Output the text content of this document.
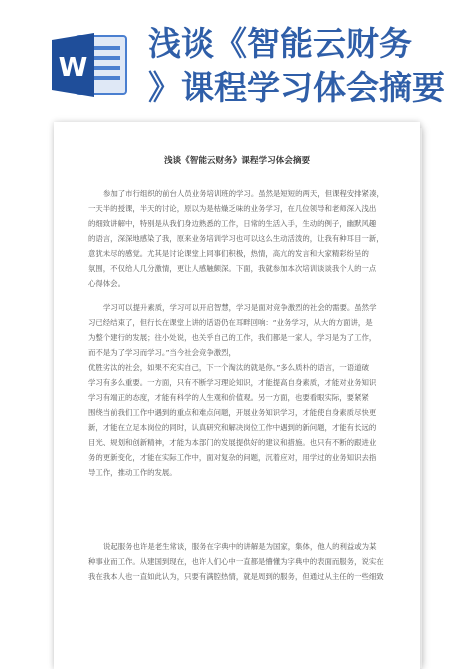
W
浅谈《智能云财务
》课程学习体会摘要
浅谈《智能云财务》课程学习体会摘要
参加了市行组织的前台人员业务培训班的学习。虽然是短短的两天，但课程安排紧凑，
一天半的授课，半天的讨论，原以为是枯燥乏味的业务学习，在几位领导和老师深入浅出
的细致讲解中，特别是从我们身边熟悉的工作，日常的生活入手，生动的例子，幽默风趣
的语言，深深地感染了我，原来业务培训学习也可以这么生动活泼的，让我有种耳目一新，
意犹未尽的感觉。尤其是讨论课堂上同事们积极，热情，高亢的发言和大家精彩纷呈的
氛围，不仅给人几分激情，更让人感触颇深。下面，我就参加本次培训谈谈我个人的一点
心得体会。
学习可以提升素质，学习可以开启智慧，学习是面对竞争激烈的社会的需要。虽然学
习已经结束了，但行长在课堂上讲的话语仍在耳畔回响：“业务学习，从大的方面讲，是
为整个建行的发展；往小处说，也关乎自己的工作，我们都是一家人，学习是为了工作，
而不是为了学习而学习。”当今社会竞争激烈，
优胜劣汰的社会，如果不充实自己，下一个淘汰的就是你。”多么质朴的语言，一语道破
学习有多么重要。一方面，只有不断学习理论知识，才能提高自身素质，才能对业务知识
学习有端正的态度，才能有科学的人生观和价值观。另一方面，也要看眼实际，要紧紧
围绕当前我们工作中遇到的重点和难点问题，开展业务知识学习，才能使自身素质尽快更
新，才能在立足本岗位的同时，认真研究和解决岗位工作中遇到的新问题，才能有长远的
目光、规划和创新精神，才能为本部门的发展提供好的建议和措施。也只有不断的跟进业
务的更新变化，才能在实际工作中，面对复杂的问题，沉着应对，用学过的业务知识去指
导工作，推动工作的发展。
说起服务也许是老生常谈，服务在字典中的讲解是为国家，集体，他人的利益或为某
种事业而工作。从建国到现在，也许人们心中一直都是懵懂为字典中的表面而服务，说实在
我在我本人也一直如此认为，只要有满腔热情，就是周到的服务，但通过从主任的一些细致
